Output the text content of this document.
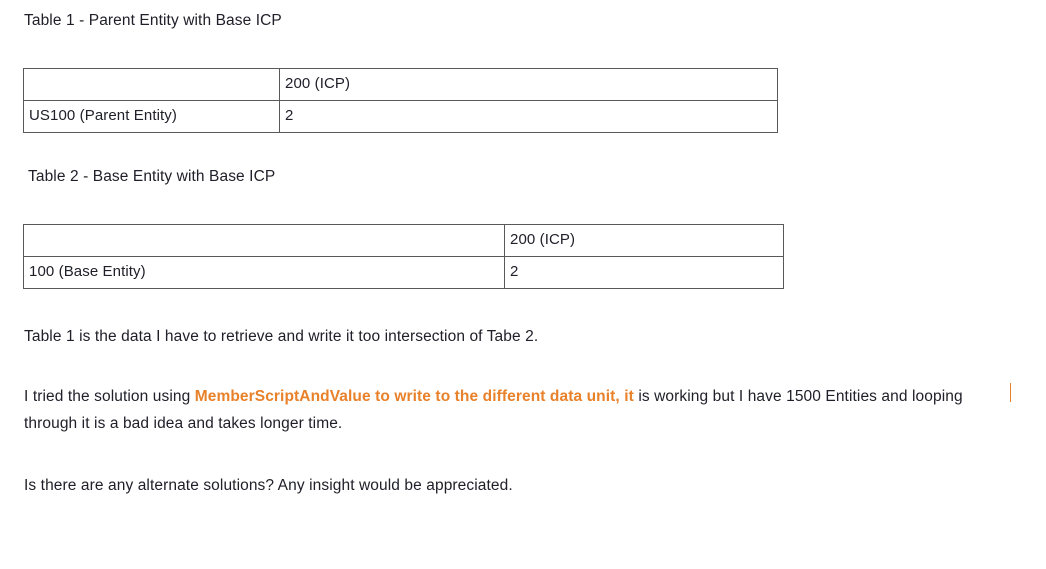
Table 1 - Parent Entity with Base ICP
	200 (ICP)
US100 (Parent Entity)	2
Table 2 - Base Entity with Base ICP
	200 (ICP)
100 (Base Entity)	2
Table 1 is the data I have to retrieve and write it too intersection of Tabe 2.
I tried the solution using MemberScriptAndValue to write to the different data unit, it is working but I have 1500 Entities and looping through it is a bad idea and takes longer time.
Is there are any alternate solutions? Any insight would be appreciated.
